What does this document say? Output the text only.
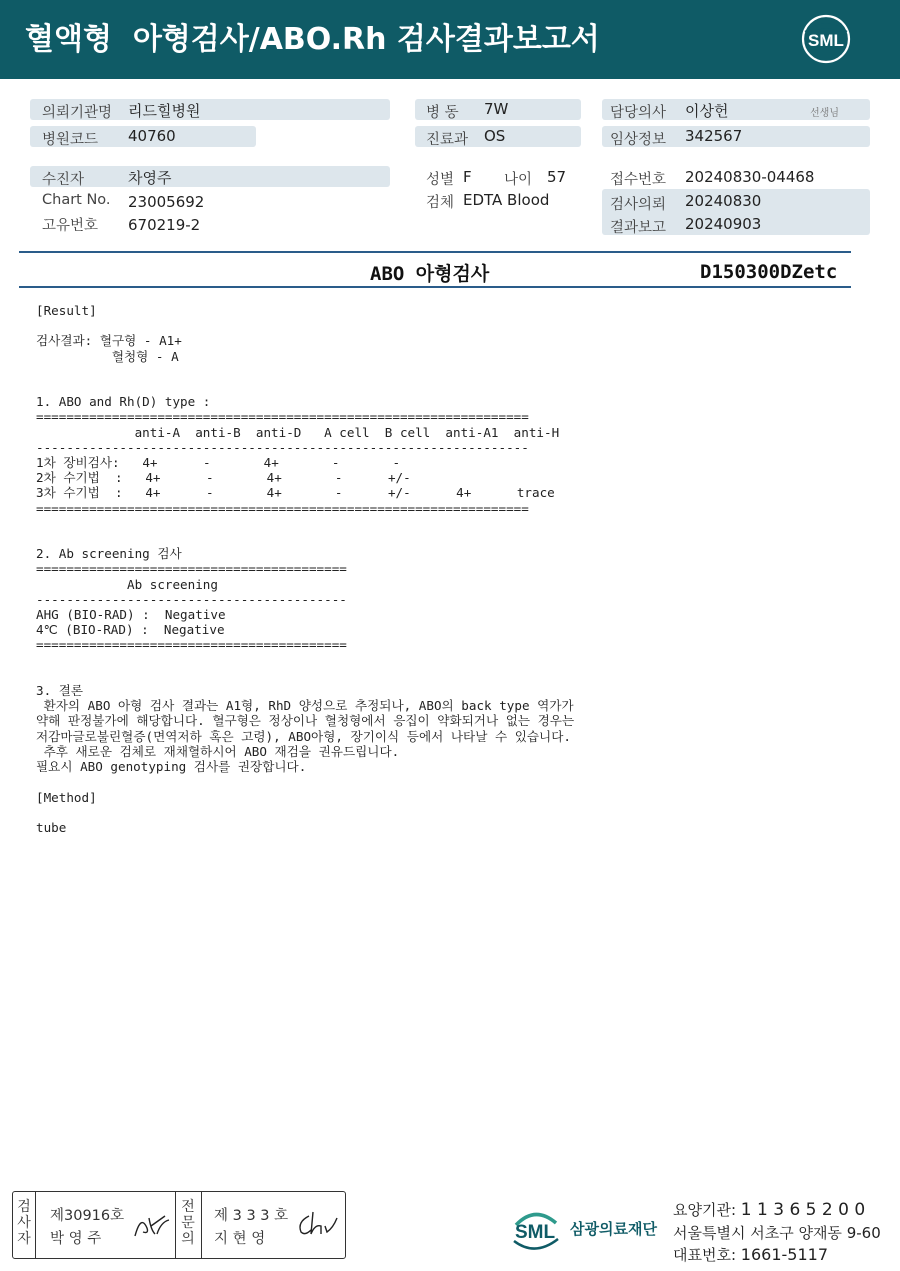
혈액형  아형검사/ABO.Rh 검사결과보고서	SML
의뢰기관명 리드힐병원
병원코드 40760
병 동 7W
진료과 OS
담당의사 이상헌	선생님
임상정보 342567
수진자	차영주
Chart No. 23005692
고유번호 670219-2
성별 F 나이 57
검체 EDTA Blood
접수번호 20240830-04468
검사의뢰 20240830
결과보고 20240903
ABO 아형검사	D150300DZetc
[Result]

검사결과: 혈구형 - A1+
혈청형 - A

1. ABO and Rh(D) type :
=================================================================
anti-A  anti-B  anti-D   A cell  B cell  anti-A1  anti-H
-----------------------------------------------------------------
1차 장비검사:   4+      -       4+       -       -
2차 수기법  :   4+      -       4+       -      +/-
3차 수기법  :   4+      -       4+       -      +/-      4+      trace
=================================================================

2. Ab screening 검사
=========================================
Ab screening
-----------------------------------------
AHG (BIO-RAD) :  Negative
4℃ (BIO-RAD) :  Negative
=========================================

3. 결론
환자의 ABO 아형 검사 결과는 A1형, RhD 양성으로 추정되나, ABO의 back type 역가가
약해 판정불가에 해당합니다. 혈구형은 정상이나 혈청형에서 응집이 약화되거나 없는 경우는
저감마글로불린혈증(면역저하 혹은 고령), ABO아형, 장기이식 등에서 나타날 수 있습니다.
추후 새로운 검체로 재채혈하시어 ABO 재검을 권유드립니다.
필요시 ABO genotyping 검사를 권장합니다.

[Method]

tube
검사자
제30916호
박 영 주
전문의
제 3 3 3 호
지 현 영	SML 삼광의료재단
요양기관: 1 1 3 6 5 2 0 0
서울특별시 서초구 양재동 9-60
대표번호: 1661-5117
